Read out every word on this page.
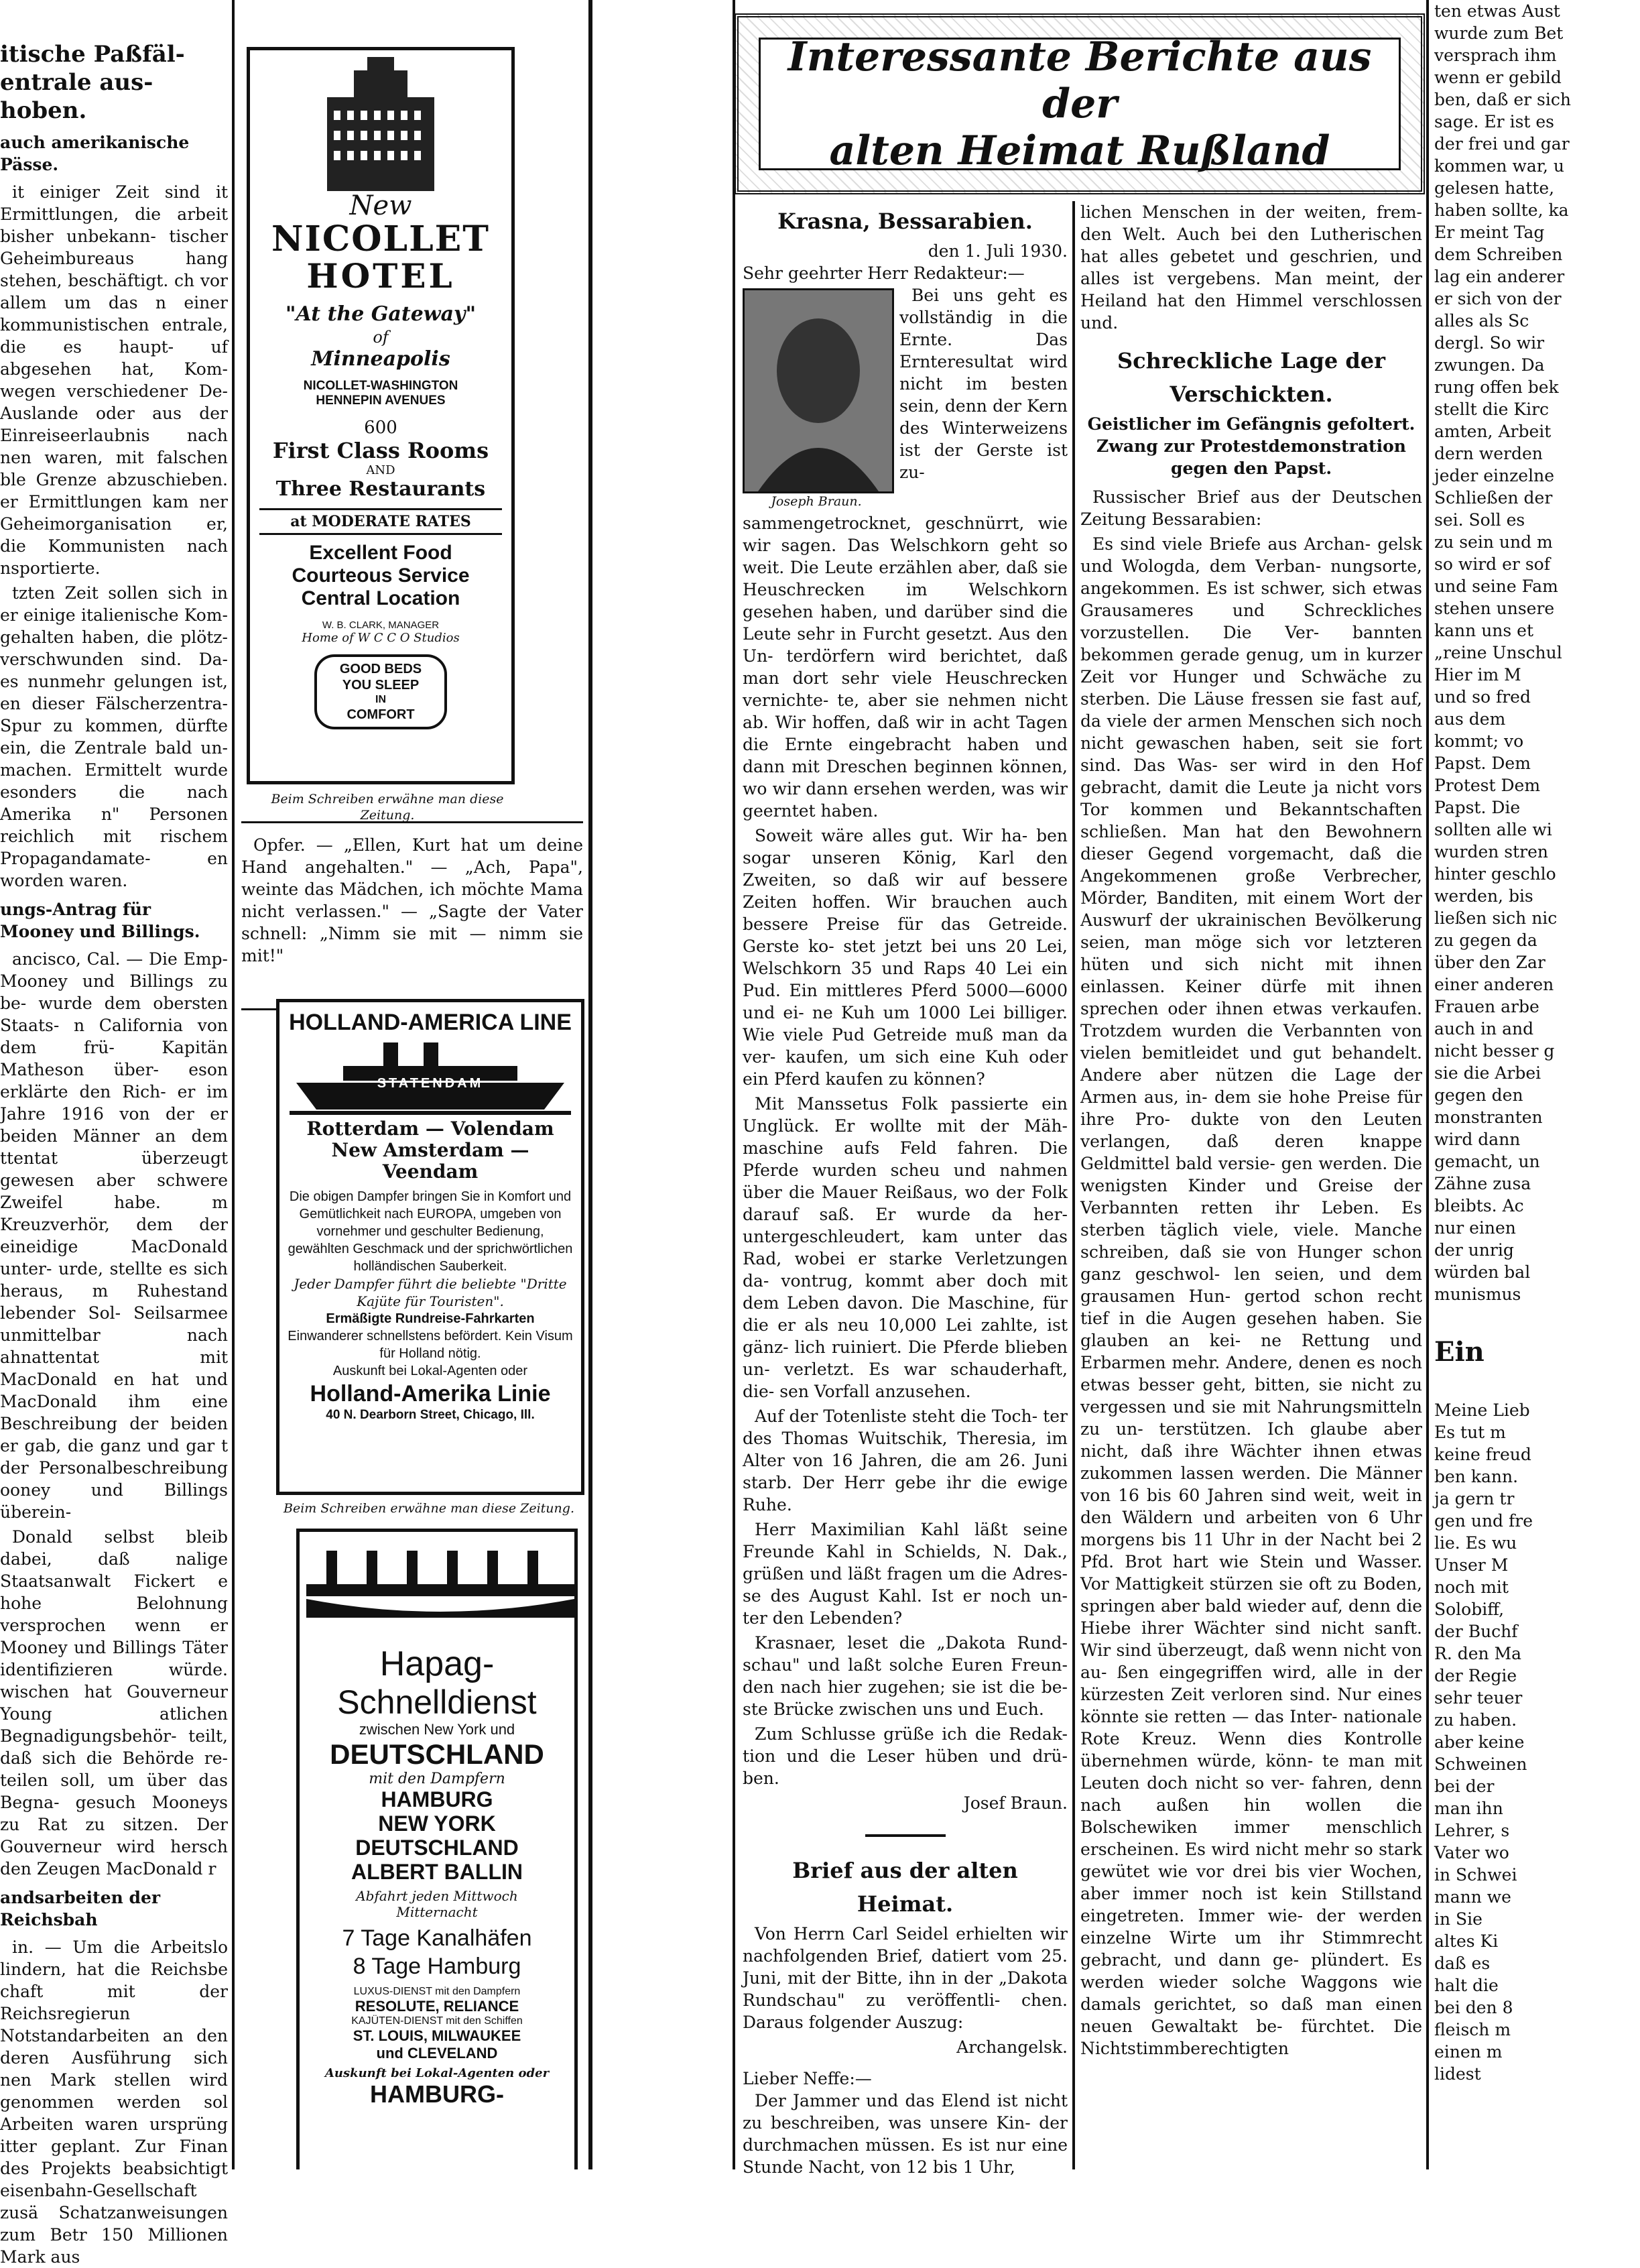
itische Paßfäl- entrale aus- hoben.

auch amerikanische Pässe.

it einiger Zeit sind it Ermittlungen, die arbeit bisher unbekann- tischer Geheimbureaus hang stehen, beschäftigt. ch vor allem um das n einer kommunistischen entrale, die es haupt- uf abgesehen hat, Kom- wegen verschiedener De- Auslande oder aus der Einreiseerlaubnis nach nen waren, mit falschen ble Grenze abzuschieben. er Ermittlungen kam ner Geheimorganisation er, die Kommunisten nach nsportierte.

tzten Zeit sollen sich in er einige italienische Kom- gehalten haben, die plötz- verschwunden sind. Da- es nunmehr gelungen ist, en dieser Fälscherzentra- Spur zu kommen, dürfte ein, die Zentrale bald un- machen. Ermittelt wurde esonders die nach Amerika n" Personen reichlich mit rischem Propagandamate- en worden waren.

ungs-Antrag für Mooney und Billings.

ancisco, Cal. — Die Emp- Mooney und Billings zu be- wurde dem obersten Staats- n California von dem frü- Kapitän Matheson über- eson erklärte den Rich- er im Jahre 1916 von der er beiden Männer an dem ttentat überzeugt gewesen aber schwere Zweifel habe. m Kreuzverhör, dem der eineidige MacDonald unter- urde, stellte es sich heraus, m Ruhestand lebender Sol- Seilsarmee unmittelbar nach ahnattentat mit MacDonald en hat und MacDonald ihm eine Beschreibung der beiden er gab, die ganz und gar t der Personalbeschreibung ooney und Billings überein-

Donald selbst bleib dabei, daß nalige Staatsanwalt Fickert e hohe Belohnung versprochen wenn er Mooney und Billings Täter identifizieren würde. wischen hat Gouverneur Young atlichen Begnadigungsbehör- teilt, daß sich die Behörde re- teilen soll, um über das Begna- gesuch Mooneys zu Rat zu sitzen. Der Gouverneur wird hersch den Zeugen MacDonald r

andsarbeiten der Reichsbah

in. — Um die Arbeitslo lindern, hat die Reichsbe chaft mit der Reichsregierun Notstandarbeiten an den deren Ausführung sich nen Mark stellen wird genommen werden sol Arbeiten waren ursprüng itter geplant. Zur Finan des Projekts beabsichtigt eisenbahn-Gesellschaft zusä Schatzanweisungen zum Betr 150 Millionen Mark aus

New
NICOLLET
HOTEL
"At the Gateway"
of
Minneapolis
NICOLLET-WASHINGTON
HENNEPIN AVENUES
600
First Class Rooms
AND
Three Restaurants
at MODERATE RATES
Excellent Food
Courteous Service
Central Location
W. B. CLARK, MANAGER
Home of W C C O Studios
GOOD BEDS
YOU SLEEP
IN
COMFORT
Beim Schreiben erwähne man diese Zeitung.

Opfer. — „Ellen, Kurt hat um deine Hand angehalten." — „Ach, Papa", weinte das Mädchen, ich möchte Mama nicht verlassen." — „Sagte der Vater schnell: „Nimm sie mit — nimm sie mit!"

HOLLAND-AMERICA LINE
STATENDAM
Rotterdam — Volendam
New Amsterdam — Veendam
Die obigen Dampfer bringen Sie in Komfort und Gemütlichkeit nach EUROPA, umgeben von vornehmer und geschulter Bedienung, gewählten Geschmack und der sprichwörtlichen holländischen Sauberkeit.
Jeder Dampfer führt die beliebte "Dritte Kajüte für Touristen".
Ermäßigte Rundreise-Fahrkarten
Einwanderer schnellstens befördert. Kein Visum für Holland nötig.
Auskunft bei Lokal-Agenten oder
Holland-Amerika Linie
40 N. Dearborn Street, Chicago, Ill.
Beim Schreiben erwähne man diese Zeitung.
Hapag-
Schnelldienst
zwischen New York und
DEUTSCHLAND
mit den Dampfern
HAMBURG
NEW YORK
DEUTSCHLAND
ALBERT BALLIN
Abfahrt jeden Mittwoch Mitternacht
7 Tage Kanalhäfen
8 Tage Hamburg
LUXUS-DIENST mit den Dampfern
RESOLUTE, RELIANCE
KAJÜTEN-DIENST mit den Schiffen
ST. LOUIS, MILWAUKEE
und CLEVELAND
Auskunft bei Lokal-Agenten oder
HAMBURG-
Interessante Berichte aus der
alten Heimat Rußland
Krasna, Bessarabien.
den 1. Juli 1930.
Sehr geehrter Herr Redakteur:—
Joseph Braun.

Bei uns geht es vollständig in die Ernte. Das Ernteresultat wird nicht im besten sein, denn der Kern des Winterweizens ist der Gerste ist zu- sammengetrocknet, geschnürrt, wie wir sagen. Das Welschkorn geht so weit. Die Leute erzählen aber, daß sie Heuschrecken im Welschkorn gesehen haben, und darüber sind die Leute sehr in Furcht gesetzt. Aus den Un- terdörfern wird berichtet, daß man dort sehr viele Heuschrecken vernichte- te, aber sie nehmen nicht ab. Wir hoffen, daß wir in acht Tagen die Ernte eingebracht haben und dann mit Dreschen beginnen können, wo wir dann ersehen werden, was wir geerntet haben.

Soweit wäre alles gut. Wir ha- ben sogar unseren König, Karl den Zweiten, so daß wir auf bessere Zeiten hoffen. Wir brauchen auch bessere Preise für das Getreide. Gerste ko- stet jetzt bei uns 20 Lei, Welschkorn 35 und Raps 40 Lei ein Pud. Ein mittleres Pferd 5000—6000 und ei- ne Kuh um 1000 Lei billiger. Wie viele Pud Getreide muß man da ver- kaufen, um sich eine Kuh oder ein Pferd kaufen zu können?

Mit Manssetus Folk passierte ein Unglück. Er wollte mit der Mäh- maschine aufs Feld fahren. Die Pferde wurden scheu und nahmen über die Mauer Reißaus, wo der Folk darauf saß. Er wurde da her- untergeschleudert, kam unter das Rad, wobei er starke Verletzungen da- vontrug, kommt aber doch mit dem Leben davon. Die Maschine, für die er als neu 10,000 Lei zahlte, ist gänz- lich ruiniert. Die Pferde blieben un- verletzt. Es war schauderhaft, die- sen Vorfall anzusehen.

Auf der Totenliste steht die Toch- ter des Thomas Wuitschik, Theresia, im Alter von 16 Jahren, die am 26. Juni starb. Der Herr gebe ihr die ewige Ruhe.

Herr Maximilian Kahl läßt seine Freunde Kahl in Schields, N. Dak., grüßen und läßt fragen um die Adres- se des August Kahl. Ist er noch un- ter den Lebenden?

Krasnaer, leset die „Dakota Rund- schau" und laßt solche Euren Freun- den nach hier zugehen; sie ist die be- ste Brücke zwischen uns und Euch.

Zum Schlusse grüße ich die Redak- tion und die Leser hüben und drü- ben.

Josef Braun.
Brief aus der alten
Heimat.

Von Herrn Carl Seidel erhielten wir nachfolgenden Brief, datiert vom 25. Juni, mit der Bitte, ihn in der „Dakota Rundschau" zu veröffentli- chen. Daraus folgender Auszug:

Archangelsk.
Lieber Neffe:—

Der Jammer und das Elend ist nicht zu beschreiben, was unsere Kin- der durchmachen müssen. Es ist nur eine Stunde Nacht, von 12 bis 1 Uhr,

lichen Menschen in der weiten, frem- den Welt. Auch bei den Lutherischen hat alles gebetet und geschrien, und alles ist vergebens. Man meint, der Heiland hat den Himmel verschlossen und.

Schreckliche Lage der
Verschickten.
Geistlicher im Gefängnis gefoltert.
Zwang zur Protestdemonstration
gegen den Papst.

Russischer Brief aus der Deutschen Zeitung Bessarabien:

Es sind viele Briefe aus Archan- gelsk und Wologda, dem Verban- nungsorte, angekommen. Es ist schwer, sich etwas Grausameres und Schreckliches vorzustellen. Die Ver- bannten bekommen gerade genug, um in kurzer Zeit vor Hunger und Schwäche zu sterben. Die Läuse fressen sie fast auf, da viele der armen Menschen sich noch nicht gewaschen haben, seit sie fort sind. Das Was- ser wird in den Hof gebracht, damit die Leute ja nicht vors Tor kommen und Bekanntschaften schließen. Man hat den Bewohnern dieser Gegend vorgemacht, daß die Angekommenen große Verbrecher, Mörder, Banditen, mit einem Wort der Auswurf der ukrainischen Bevölkerung seien, man möge sich vor letzteren hüten und sich nicht mit ihnen einlassen. Keiner dürfe mit ihnen sprechen oder ihnen etwas verkaufen. Trotzdem wurden die Verbannten von vielen bemitleidet und gut behandelt. Andere aber nützen die Lage der Armen aus, in- dem sie hohe Preise für ihre Pro- dukte von den Leuten verlangen, daß deren knappe Geldmittel bald versie- gen werden. Die wenigsten Kinder und Greise der Verbannten retten ihr Leben. Es sterben täglich viele, viele. Manche schreiben, daß sie von Hunger schon ganz geschwol- len seien, und dem grausamen Hun- gertod schon recht tief in die Augen gesehen haben. Sie glauben an kei- ne Rettung und Erbarmen mehr. Andere, denen es noch etwas besser geht, bitten, sie nicht zu vergessen und sie mit Nahrungsmitteln zu un- terstützen. Ich glaube aber nicht, daß ihre Wächter ihnen etwas zukommen lassen werden. Die Männer von 16 bis 60 Jahren sind weit, weit in den Wäldern und arbeiten von 6 Uhr morgens bis 11 Uhr in der Nacht bei 2 Pfd. Brot hart wie Stein und Wasser. Vor Mattigkeit stürzen sie oft zu Boden, springen aber bald wieder auf, denn die Hiebe ihrer Wächter sind nicht sanft. Wir sind überzeugt, daß wenn nicht von au- ßen eingegriffen wird, alle in der kürzesten Zeit verloren sind. Nur eines könnte sie retten — das Inter- nationale Rote Kreuz. Wenn dies Kontrolle übernehmen würde, könn- te man mit Leuten doch nicht so ver- fahren, denn nach außen hin wollen die Bolschewiken immer menschlich erscheinen. Es wird nicht mehr so stark gewütet wie vor drei bis vier Wochen, aber immer noch ist kein Stillstand eingetreten. Immer wie- der werden einzelne Wirte um ihr Stimmrecht gebracht, und dann ge- plündert. Es werden wieder solche Waggons wie damals gerichtet, so daß man einen neuen Gewaltakt be- fürchtet. Die Nichtstimmberechtigten

ten etwas Aust
wurde zum Bet
versprach ihm
wenn er gebild
ben, daß er sich
sage. Er ist es
der frei und gar
kommen war, u
gelesen hatte,
haben sollte, ka
Er meint Tag
dem Schreiben
lag ein anderer
er sich von der
alles als Sc
dergl. So wir
zwungen. Da
rung offen bek
stellt die Kirc
amten, Arbeit
dern werden
jeder einzelne
Schließen der
sei. Soll es
zu sein und m
so wird er sof
und seine Fam
stehen unsere
kann uns et
„reine Unschul
Hier im M
und so fred
aus dem
kommt; vo
Papst. Dem
Protest Dem
Papst. Die
sollten alle wi
wurden stren
hinter geschlo
werden, bis
ließen sich nic
zu gegen da
über den Zar
einer anderen
Frauen arbe
auch in and
nicht besser g
sie die Arbei
gegen den
monstranten
wird dann
gemacht, un
Zähne zusa
bleibts. Ac
nur einen
der unrig
würden bal
munismus
Ein
Meine Lieb
Es tut m
keine freud
ben kann.
ja gern tr
gen und fre
lie. Es wu
Unser M
noch mit
Solobiff,
der Buchf
R. den Ma
der Regie
sehr teuer
zu haben.
aber keine
Schweinen
bei der
man ihn
Lehrer, s
Vater wo
in Schwei
mann we
in Sie
altes Ki
daß es
halt die
bei den 8
fleisch m
einen m
lidest
